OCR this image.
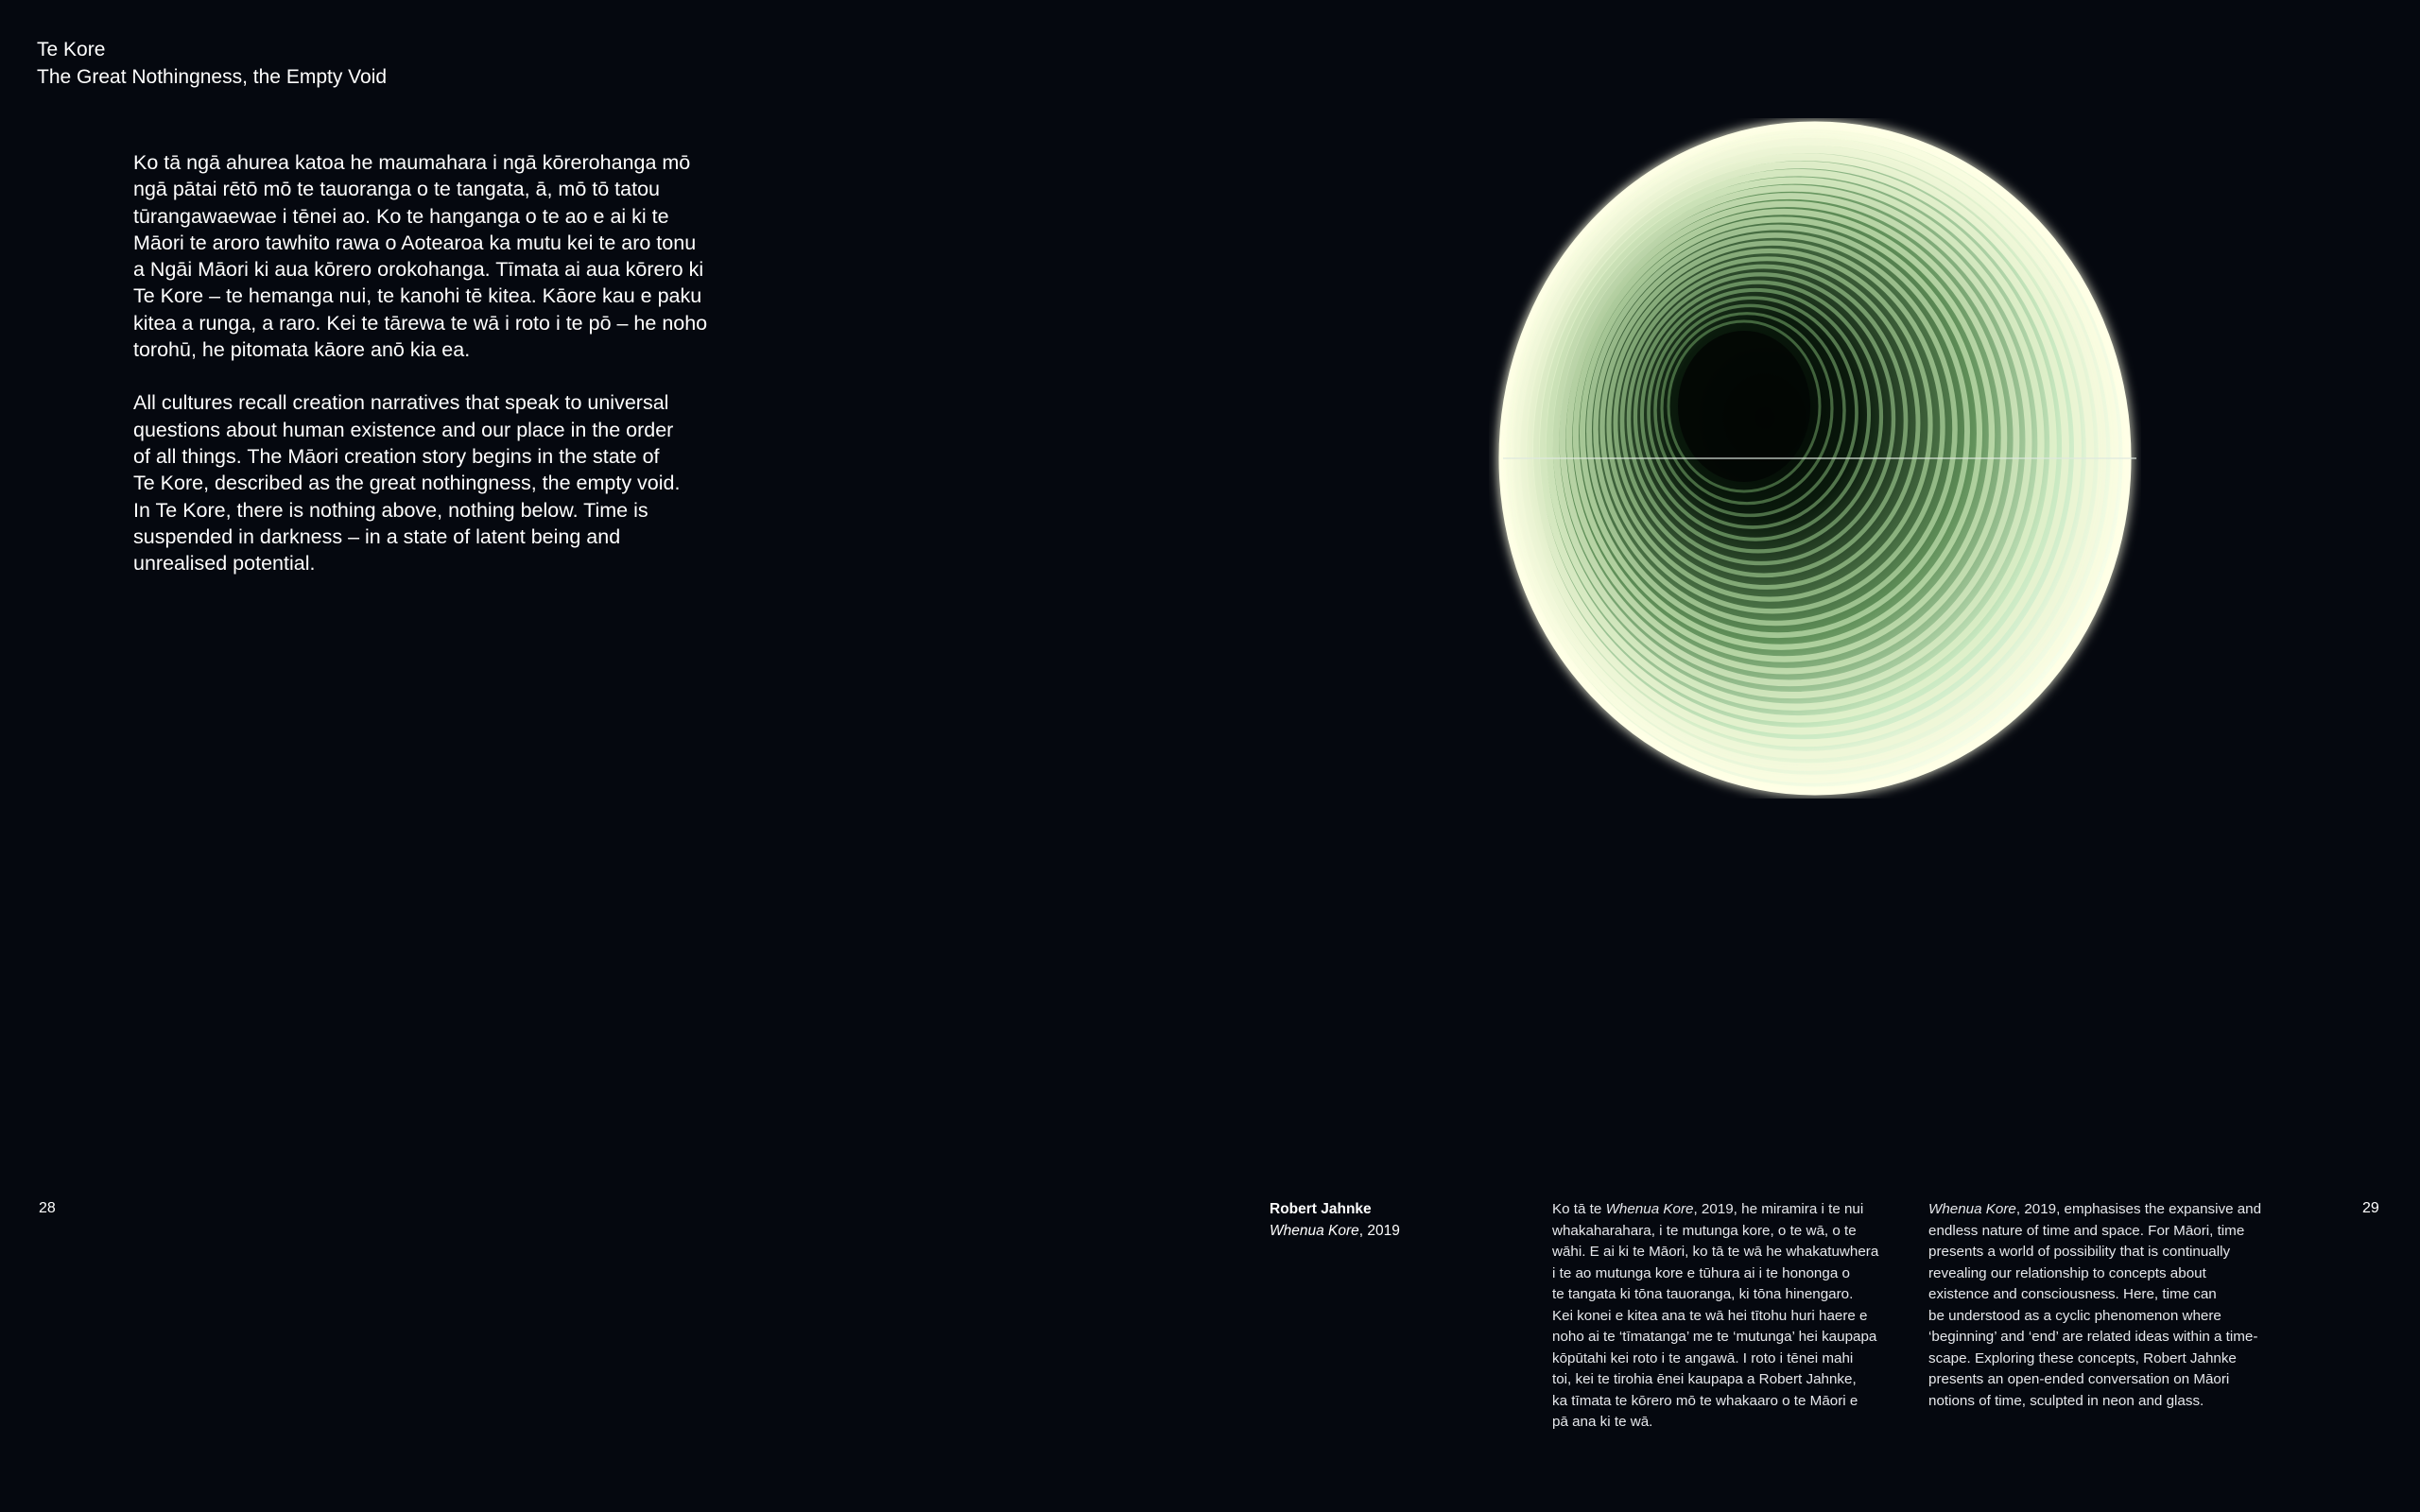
Te Kore
The Great Nothingness, the Empty Void

Ko tā ngā ahurea katoa he maumahara i ngā kōrerohanga mō
ngā pātai rētō mō te tauoranga o te tangata, ā, mō tō tatou
tūrangawaewae i tēnei ao. Ko te hanganga o te ao e ai ki te
Māori te aroro tawhito rawa o Aotearoa ka mutu kei te aro tonu
a Ngāi Māori ki aua kōrero orokohanga. Tīmata ai aua kōrero ki
Te Kore – te hemanga nui, te kanohi tē kitea. Kāore kau e paku
kitea a runga, a raro. Kei te tārewa te wā i roto i te pō – he noho
torohū, he pitomata kāore anō kia ea.

All cultures recall creation narratives that speak to universal
questions about human existence and our place in the order
of all things. The Māori creation story begins in the state of
Te Kore, described as the great nothingness, the empty void.
In Te Kore, there is nothing above, nothing below. Time is
suspended in darkness – in a state of latent being and
unrealised potential.

Robert Jahnke
Whenua Kore, 2019
Ko tā te Whenua Kore, 2019, he miramira i te nui
whakaharahara, i te mutunga kore, o te wā, o te
wāhi. E ai ki te Māori, ko tā te wā he whakatuwhera
i te ao mutunga kore e tūhura ai i te hononga o
te tangata ki tōna tauoranga, ki tōna hinengaro.
Kei konei e kitea ana te wā hei tītohu huri haere e
noho ai te ‘tīmatanga’ me te ‘mutunga’ hei kaupapa
kōpūtahi kei roto i te angawā. I roto i tēnei mahi
toi, kei te tirohia ēnei kaupapa a Robert Jahnke,
ka tīmata te kōrero mō te whakaaro o te Māori e
pā ana ki te wā.
Whenua Kore, 2019, emphasises the expansive and
endless nature of time and space. For Māori, time
presents a world of possibility that is continually
revealing our relationship to concepts about
existence and consciousness. Here, time can
be understood as a cyclic phenomenon where
‘beginning’ and ‘end’ are related ideas within a time-
scape. Exploring these concepts, Robert Jahnke
presents an open-ended conversation on Māori
notions of time, sculpted in neon and glass.
28	29
